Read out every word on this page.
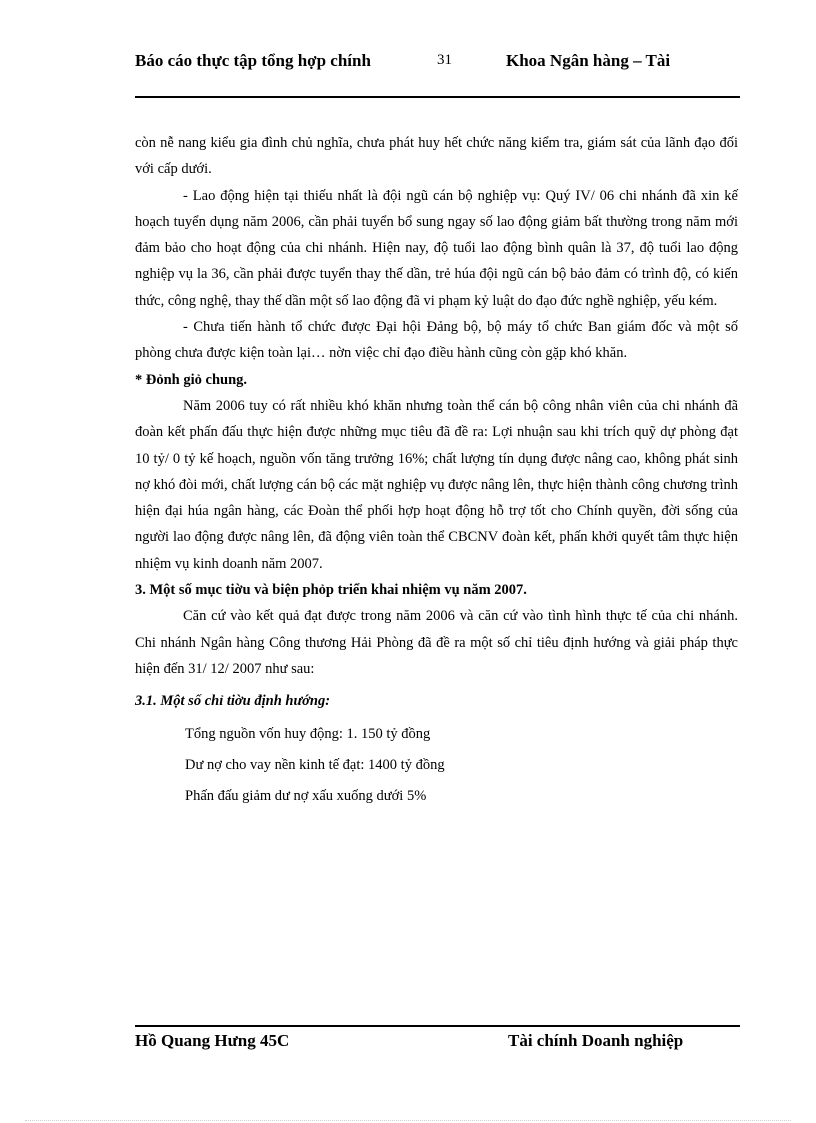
Báo cáo thực tập tổng hợp chính	31	Khoa Ngân hàng – Tài

còn nễ nang kiểu gia đình chủ nghĩa, chưa phát huy hết chức năng kiểm tra, giám sát của lãnh đạo đối với cấp dưới.

- Lao động hiện tại thiếu nhất là đội ngũ cán bộ nghiệp vụ: Quý IV/ 06 chi nhánh đã xin kế hoạch tuyển dụng năm 2006, cần phải tuyển bổ sung ngay số lao động giảm bất thường trong năm mới đảm bảo cho hoạt động của chi nhánh. Hiện nay, độ tuổi lao động bình quân là 37, độ tuổi lao động nghiệp vụ la 36, cần phải được tuyển thay thế dần, trẻ húa đội ngũ cán bộ bảo đảm có trình độ, có kiến thức, công nghệ, thay thế dần một số lao động đã vi phạm kỷ luật do đạo đức nghề nghiệp, yếu kém.

- Chưa tiến hành tổ chức được Đại hội Đảng bộ, bộ máy tổ chức Ban giám đốc và một số phòng chưa được kiện toàn lại… nờn việc chỉ đạo điều hành cũng còn gặp khó khăn.

* Đỏnh giỏ chung.

Năm 2006 tuy có rất nhiều khó khăn nhưng toàn thể cán bộ công nhân viên của chi nhánh đã đoàn kết phấn đấu thực hiện được những mục tiêu đã đề ra: Lợi nhuận sau khi trích quỹ dự phòng đạt 10 tỷ/ 0 tỷ kế hoạch, nguồn vốn tăng trưởng 16%; chất lượng tín dụng được nâng cao, không phát sinh nợ khó đòi mới, chất lượng cán bộ các mặt nghiệp vụ được nâng lên, thực hiện thành công chương trình hiện đại húa ngân hàng, các Đoàn thể phối hợp hoạt động hỗ trợ tốt cho Chính quyền, đời sống của người lao động được nâng lên, đã động viên toàn thể CBCNV đoàn kết, phấn khởi quyết tâm thực hiện nhiệm vụ kinh doanh năm 2007.

3. Một số mục tiờu và biện phỏp triển khai nhiệm vụ năm 2007.

Căn cứ vào kết quả đạt được trong năm 2006 và căn cứ vào tình hình thực tế của chi nhánh. Chi nhánh Ngân hàng Công thương Hải Phòng đã đề ra một số chỉ tiêu định hướng và giải pháp thực hiện đến 31/ 12/ 2007 như sau:

3.1. Một số chỉ tiờu định hướng:

Tổng nguồn vốn huy động: 1. 150 tỷ đồng
Dư nợ cho vay nền kinh tế đạt: 1400 tỷ đồng
Phấn đấu giảm dư nợ xấu xuống dưới 5%
Hồ Quang Hưng 45C	Tài chính Doanh nghiệp
